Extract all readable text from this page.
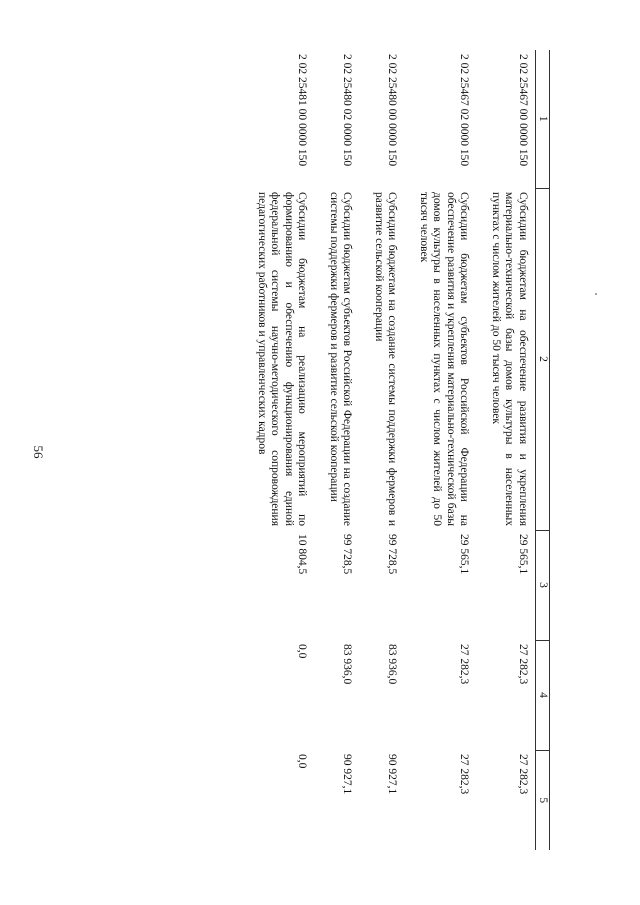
56
1	2	3	4	5
2 02 25467 00 0000 150	Субсидии бюджетам на обеспечение развития и укрепления материально-технической базы домов культуры в населенных пунктах с числом жителей до 50 тысяч человек	29 565,1	27 282,3	27 282,3
2 02 25467 02 0000 150	Субсидии бюджетам субъектов Российской Федерации на обеспечение развития и укрепления материально-технической базы домов культуры в населенных пунктах с числом жителей до 50 тысяч человек	29 565,1	27 282,3	27 282,3
2 02 25480 00 0000 150	Субсидии бюджетам на создание системы поддержки фермеров и развитие сельской кооперации	99 728,5	83 936,0	90 927,1
2 02 25480 02 0000 150	Субсидии бюджетам субъектов Российской Федерации на создание системы поддержки фермеров и развитие сельской кооперации	99 728,5	83 936,0	90 927,1
2 02 25481 00 0000 150	Субсидии бюджетам на реализацию мероприятий по формированию и обеспечению функционирования единой федеральной системы научно-методического сопровождения педагогических работников и управленческих кадров	10 804,5	0,0	0,0
